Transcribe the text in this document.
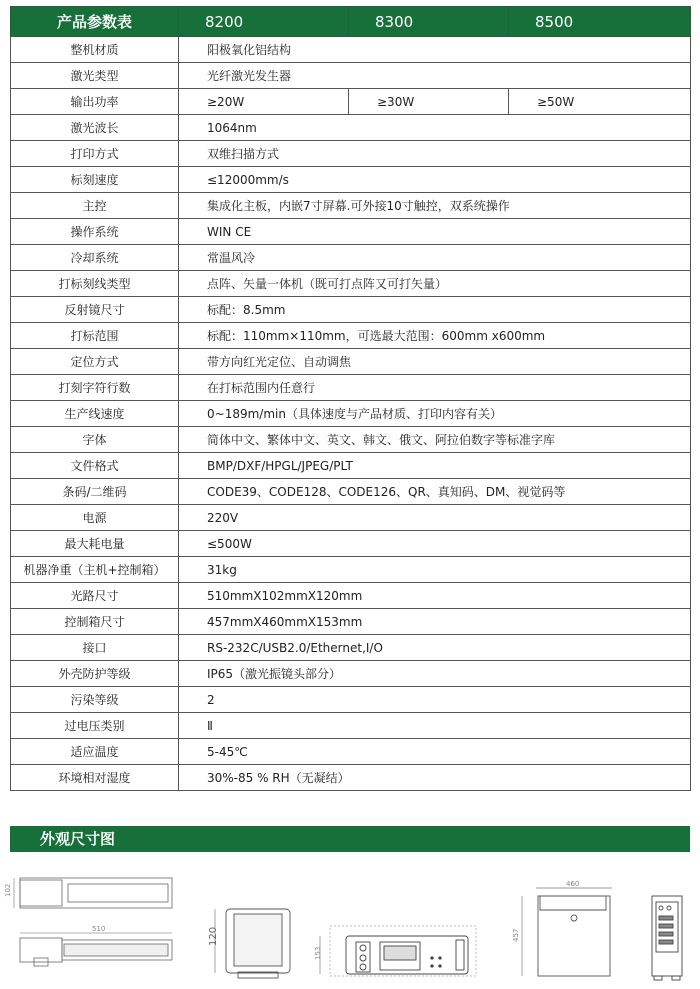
产品参数表	8200	8300	8500
整机材质	阳极氧化铝结构		
激光类型	光纤激光发生器		
输出功率	≥20W	≥30W	≥50W
激光波长	1064nm		
打印方式	双维扫描方式		
标刻速度	≤12000mm/s		
主控	集成化主板，内嵌7寸屏幕.可外接10寸触控，双系统操作		
操作系统	WIN CE		
冷却系统	常温风冷		
打标刻线类型	点阵、矢量一体机（既可打点阵又可打矢量）		
反射镜尺寸	标配：8.5mm		
打标范围	标配：110mm×110mm，可选最大范围：600mm x600mm		
定位方式	带方向红光定位、自动调焦		
打刻字符行数	在打标范围内任意行		
生产线速度	0~189m/min（具体速度与产品材质、打印内容有关）		
字体	简体中文、繁体中文、英文、韩文、俄文、阿拉伯数字等标准字库		
文件格式	BMP/DXF/HPGL/JPEG/PLT		
条码/二维码	CODE39、CODE128、CODE126、QR、真知码、DM、视觉码等		
电源	220V		
最大耗电量	≤500W		
机器净重（主机+控制箱）	31kg		
光路尺寸	510mmX102mmX120mm		
控制箱尺寸	457mmX460mmX153mm		
接口	RS-232C/USB2.0/Ethernet,I/O		
外壳防护等级	IP65（激光振镜头部分）		
污染等级	2		
过电压类别	Ⅱ		
适应温度	5-45℃		
环境相对湿度	30%-85 % RH（无凝结）		
外观尺寸图
102
510	120
153
460
457
